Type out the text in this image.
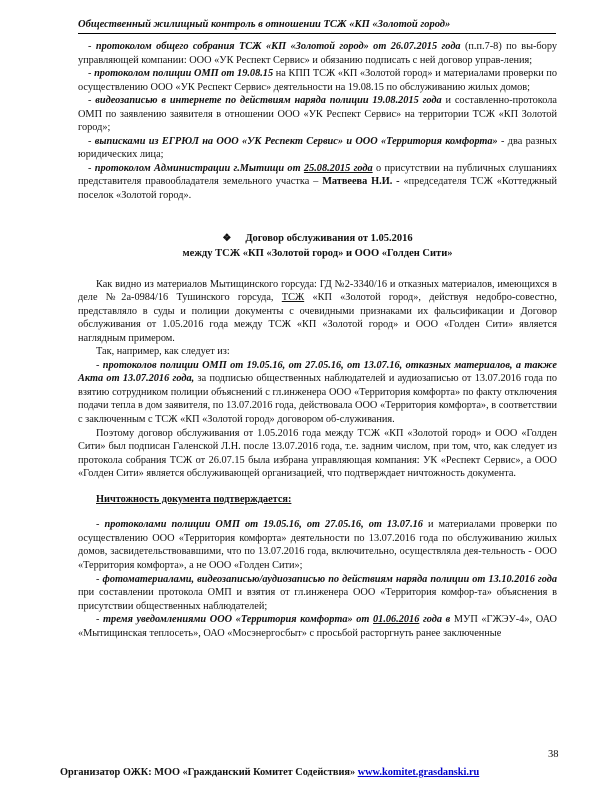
Общественный жилищный контроль в отношении ТСЖ «КП «Золотой город»

- протоколом общего собрания ТСЖ «КП «Золотой город» от 26.07.2015 года (п.п.7-8) по вы-бору управляющей компании: ООО «УК Респект Сервис» и обязанию подписать с ней договор управ-ления;

- протоколом полиции ОМП от 19.08.15 на КПП ТСЖ «КП «Золотой город» и материалами проверки по осуществлению ООО «УК Респект Сервис» деятельности на 19.08.15 по обслуживанию жилых домов;

- видеозаписью в интернете по действиям наряда полиции 19.08.2015 года и составленно-протокола ОМП по заявлению заявителя в отношении ООО «УК Респект Сервис» на территории ТСЖ «КП Золотой город»;

- выписками из ЕГРЮЛ на ООО «УК Респект Сервис» и ООО «Территория комфорта» - два разных юридических лица;

- протоколом Администрации г.Мытищи от 25.08.2015 года о присутствии на публичных слушаниях представителя правообладателя земельного участка – Матвеева Н.И. - «председателя ТСЖ «Коттеджный поселок «Золотой город».

❖ Договор обслуживания от 1.05.2016
между ТСЖ «КП «Золотой город» и ООО «Голден Сити»

Как видно из материалов Мытищинского горсуда: ГД №2-3340/16 и отказных материалов, имеющихся в деле №2а-0984/16 Тушинского горсуда, ТСЖ «КП «Золотой город», действуя недобро-совестно, представляло в суды и полиции документы с очевидными признаками их фальсификации и Договор обслуживания от 1.05.2016 года между ТСЖ «КП «Золотой город» и ООО «Голден Сити» является наглядным примером.

Так, например, как следует из:

- протоколов полиции ОМП от 19.05.16, от 27.05.16, от 13.07.16, отказных материалов, а также Акта от 13.07.2016 года, за подписью общественных наблюдателей и аудиозаписью от 13.07.2016 года по взятию сотрудником полиции объяснений с гл.инженера ООО «Территория комфорта» по факту отключения подачи тепла в дом заявителя, по 13.07.2016 года, действовала ООО «Территория комфорта», в соответствии с заключенным с ТСЖ «КП «Золотой город» договором об-служивания.

Поэтому договор обслуживания от 1.05.2016 года между ТСЖ «КП «Золотой город» и ООО «Голден Сити» был подписан Галенской Л.Н. после 13.07.2016 года, т.е. задним числом, при том, что, как следует из протокола собрания ТСЖ от 26.07.15 была избрана управляющая компания: УК «Респект Сервис», а ООО «Голден Сити» является обслуживающей организацией, что подтверждает ничтожность документа.

Ничтожность документа подтверждается:

- протоколами полиции ОМП от 19.05.16, от 27.05.16, от 13.07.16 и материалами проверки по осуществлению ООО «Территория комфорта» деятельности по 13.07.2016 года по обслуживанию жилых домов, засвидетельствовавшими, что по 13.07.2016 года, включительно, осуществляла дея-тельность - ООО «Территория комфорта», а не ООО «Голден Сити»;

- фотоматериалами, видеозаписью/аудиозаписью по действиям наряда полиции от 13.10.2016 года при составлении протокола ОМП и взятия от гл.инженера ООО «Территория комфор-та» объяснения в присутствии общественных наблюдателей;

- тремя уведомлениями ООО «Территория комфорта» от 01.06.2016 года в МУП «ГЖЭУ-4», ОАО «Мытищинская теплосеть», ОАО «Мосэнергосбыт» с просьбой расторгнуть ранее заключенные

38
Организатор ОЖК: МОО «Гражданский Комитет Содействия» www.komitet.grasdanski.ru
